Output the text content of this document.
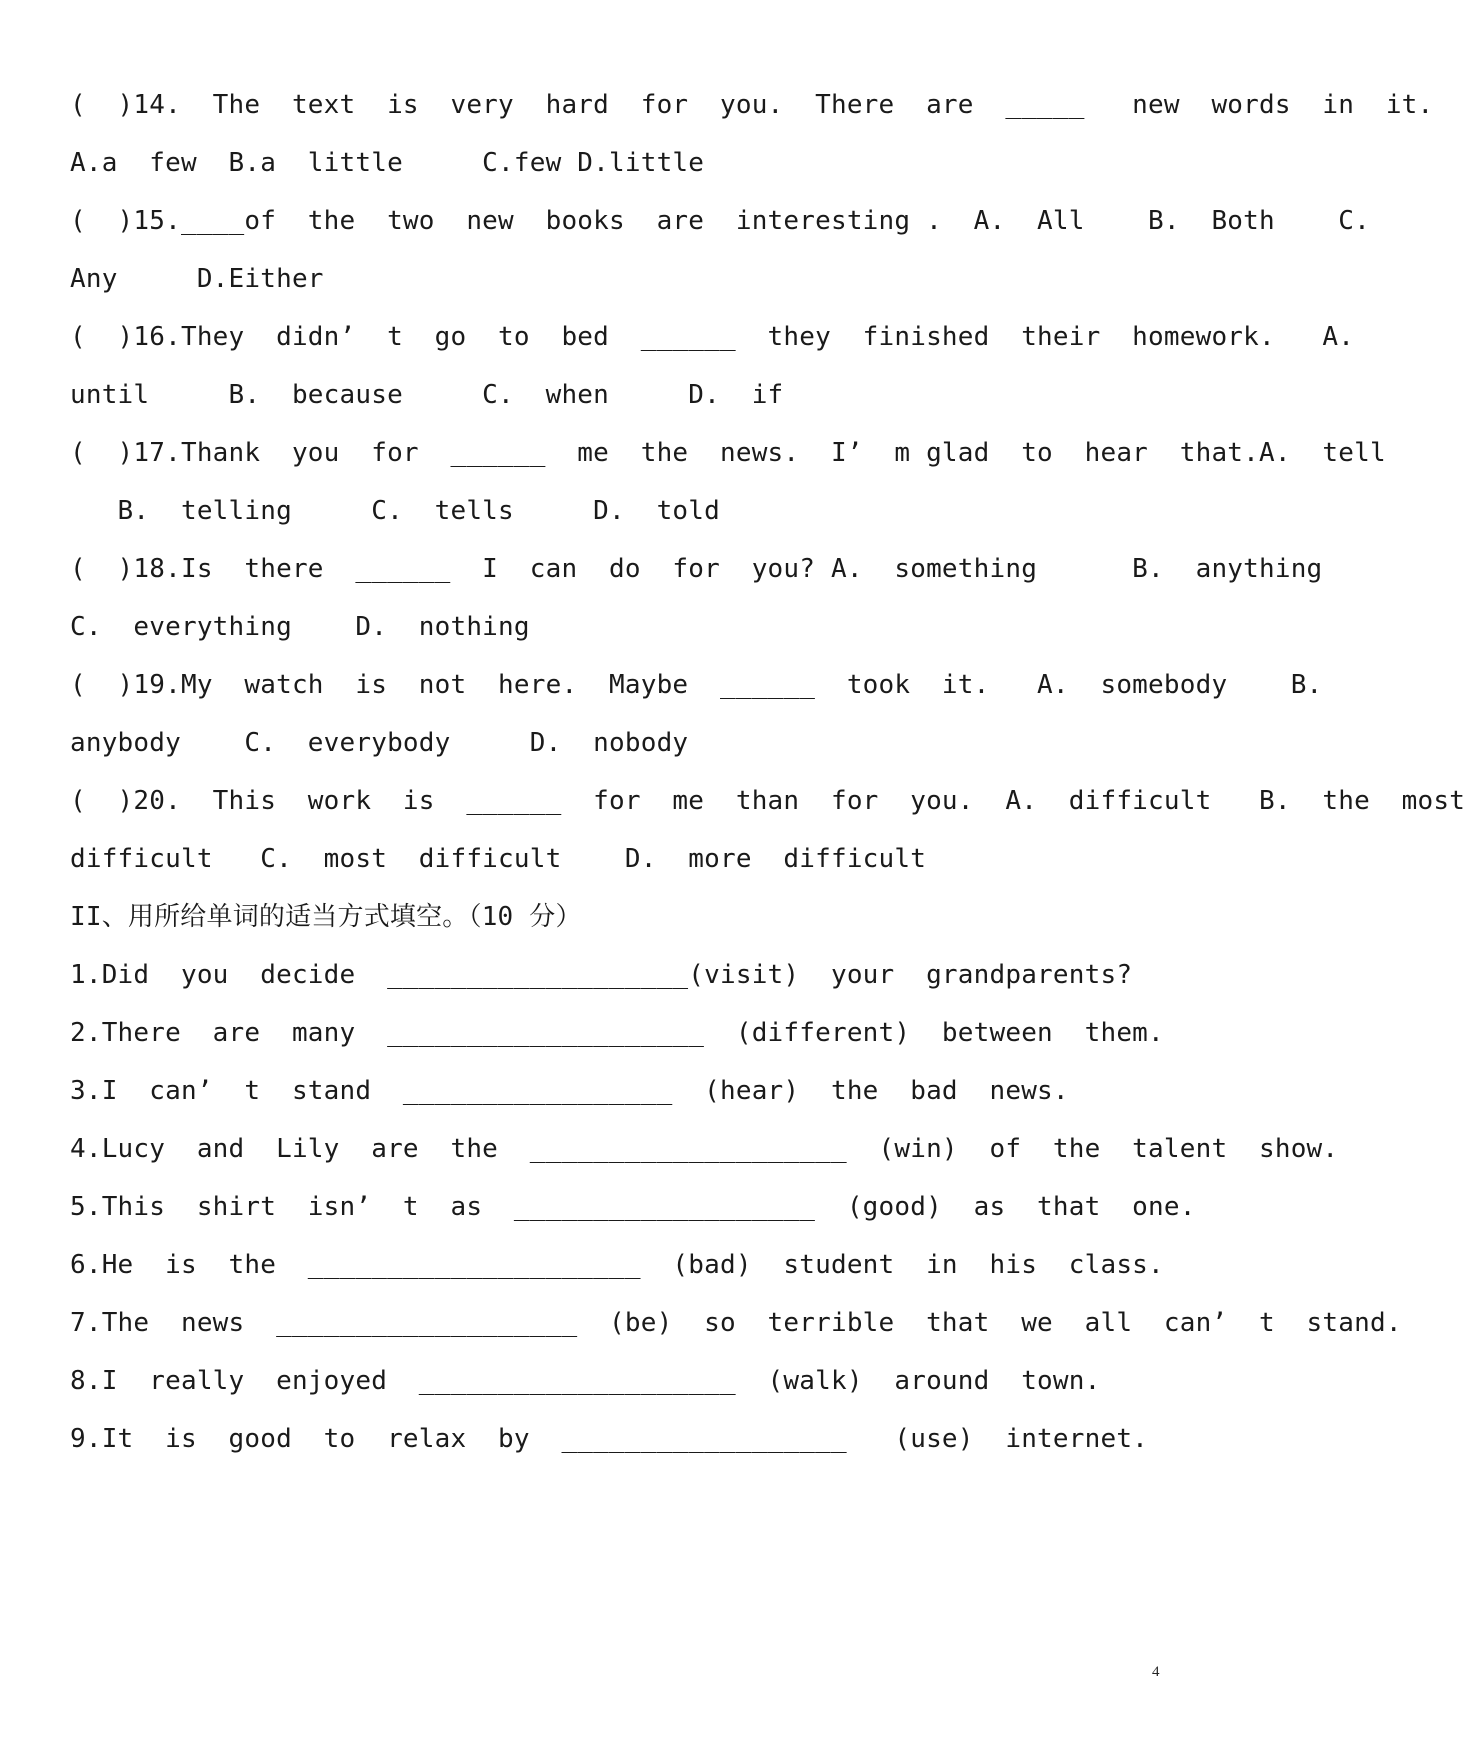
(  )14.  The  text  is  very  hard  for  you.  There  are  _____   new  words  in  it.
A.a  few  B.a  little     C.few D.little
(  )15.____of  the  two  new  books  are  interesting .  A.  All    B.  Both    C.
Any     D.Either
(  )16.They  didn’  t  go  to  bed  ______  they  finished  their  homework.   A.
until     B.  because     C.  when     D.  if
(  )17.Thank  you  for  ______  me  the  news.  I’  m glad  to  hear  that.A.  tell
B.  telling     C.  tells     D.  told
(  )18.Is  there  ______  I  can  do  for  you? A.  something      B.  anything
C.  everything    D.  nothing
(  )19.My  watch  is  not  here.  Maybe  ______  took  it.   A.  somebody    B.
anybody    C.  everybody     D.  nobody
(  )20.  This  work  is  ______  for  me  than  for  you.  A.  difficult   B.  the  most
difficult   C.  most  difficult    D.  more  difficult
II、用所给单词的适当方式填空。（10 分）
1.Did  you  decide  ___________________(visit)  your  grandparents?
2.There  are  many  ____________________  (different)  between  them.
3.I  can’  t  stand  _________________  (hear)  the  bad  news.
4.Lucy  and  Lily  are  the  ____________________  (win)  of  the  talent  show.
5.This  shirt  isn’  t  as  ___________________  (good)  as  that  one.
6.He  is  the  _____________________  (bad)  student  in  his  class.
7.The  news  ___________________  (be)  so  terrible  that  we  all  can’  t  stand.
8.I  really  enjoyed  ____________________  (walk)  around  town.
9.It  is  good  to  relax  by  __________________   (use)  internet.
4
